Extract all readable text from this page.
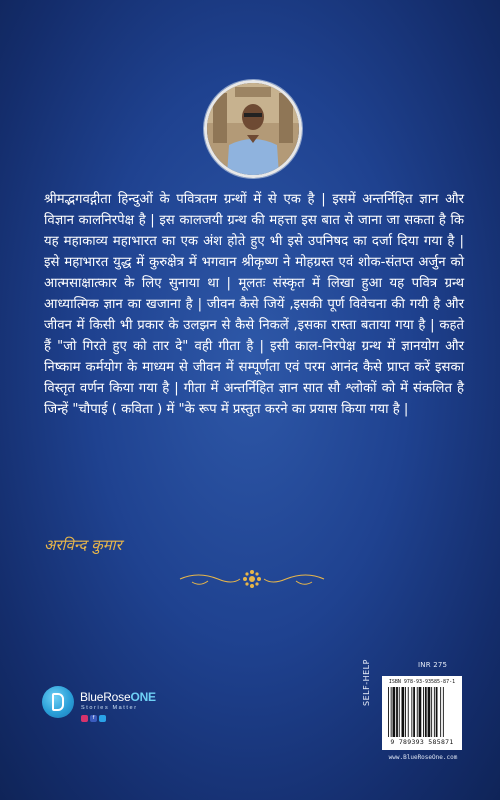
श्रीमद्भगवद्गीता हिन्दुओं के पवित्रतम ग्रन्थों में से एक है | इसमें अन्तर्निहित ज्ञान और विज्ञान कालनिरपेक्ष है | इस कालजयी ग्रन्थ की महत्ता इस बात से जाना जा सकता है कि यह महाकाव्य महाभारत का एक अंश होते हुए भी इसे उपनिषद का दर्जा दिया गया है | इसे महाभारत युद्ध में कुरुक्षेत्र में भगवान श्रीकृष्ण ने मोहग्रस्त एवं शोक-संतप्त अर्जुन को आत्मसाक्षात्कार के लिए सुनाया था | मूलतः संस्कृत में लिखा हुआ यह पवित्र ग्रन्थ आध्यात्मिक ज्ञान का खजाना है | जीवन कैसे जियें ,इसकी पूर्ण विवेचना की गयी है और जीवन में किसी भी प्रकार के उलझन से कैसे निकलें ,इसका रास्ता बताया गया है | कहते हैं "जो गिरते हुए को तार दे" वही गीता है | इसी काल-निरपेक्ष ग्रन्थ में ज्ञानयोग और निष्काम कर्मयोग के माध्यम से जीवन में सम्पूर्णता एवं परम आनंद कैसे प्राप्त करें इसका विस्तृत वर्णन किया गया है | गीता में अन्तर्निहित ज्ञान सात सौ श्लोकों को में संकलित है जिन्हें "चौपाई ( कविता ) में "के रूप में प्रस्तुत करने का प्रयास किया गया है |

अरविन्द कुमार

BlueRoseONE
Stories Matter
f
INR 275
SELF-HELP	ISBN 978-93-93585-87-1
9 789393 585871
www.BlueRoseOne.com
